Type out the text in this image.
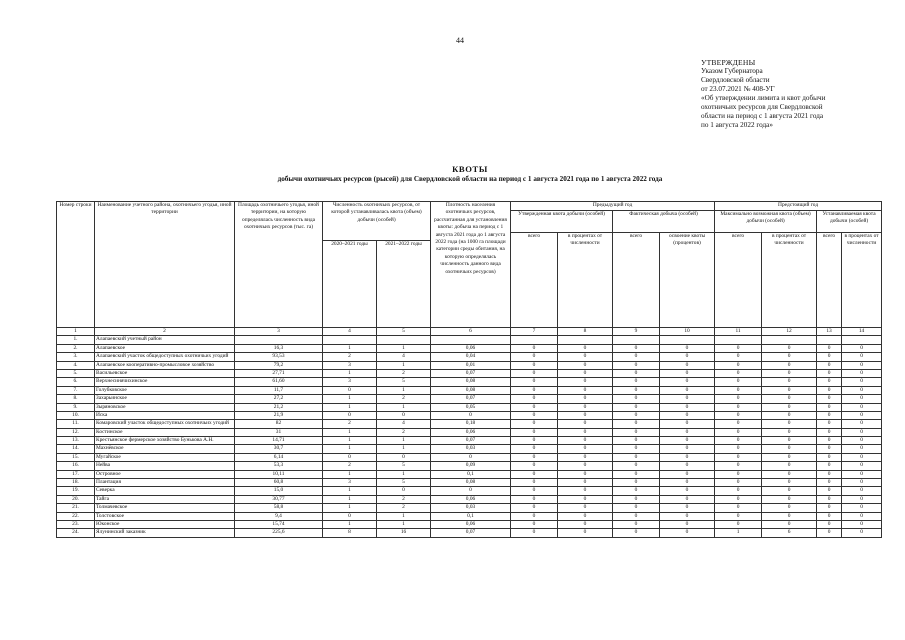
44
УТВЕРЖДЕНЫ
Указом Губернатора
Свердловской области
от 23.07.2021 № 408-УГ
«Об утверждении лимита и квот добычи
охотничьих ресурсов для Свердловской
области на период с 1 августа 2021 года
по 1 августа 2022 года»
КВОТЫ
добычи охотничьих ресурсов (рысей) для Свердловской области на период с 1 августа 2021 года по 1 августа 2022 года
Номер строки	Наименование учетного района, охотничьего угодья, иной территории	Площадь охотничьего угодья, иной территории, на которую определялась численность вида охотничьих ресурсов (тыс. га)	Численность охотничьих ресурсов, от которой устанавливалась квота (объем) добычи (особей)		Плотность населения охотничьих ресурсов, рассчитанная для установления квоты: добыча на период с 1 августа 2021 года до 1 августа 2022 года (на 1000 га площади категории среды обитания, на которую определялась численность данного вида охотничьих ресурсов)	Предыдущий год				Предстоящий год			
						Утвержденная квота добычи (особей)		Фактическая добыча (особей)		Максимально возможная квота (объем) добычи (особей)		Устанавливаемая квота добычи (особей)	
						всего	в процентах от численности	всего	освоение квоты (процентов)	всего	в процентах от численности	всего	в процентах от численности
			2020–2021 годы	2021–2022 годы									
1	2	3	4	5	6	7	8	9	10	11	12	13	14
1.	Алапаевский учетный район												
2.	Алапаевское	16,3	1	1	0,06	0	0	0	0	0	0	0	0
3.	Алапаевский участок общедоступных охотничьих угодий	93,53	2	4	0,04	0	0	0	0	0	0	0	0
4.	Алапаевское кооперативно-промысловое хозяйство	79,2	3	1	0,01	0	0	0	0	0	0	0	0
5.	Васильевское	27,71	1	2	0,07	0	0	0	0	0	0	0	0
6.	Верхнесинячихинское	61,60	3	5	0,08	0	0	0	0	0	0	0	0
7.	Голубковское	11,7	0	1	0,08	0	0	0	0	0	0	0	0
8.	Захарьинское	27,2	1	2	0,07	0	0	0	0	0	0	0	0
9.	Зыряновское	21,2	1	1	0,05	0	0	0	0	0	0	0	0
10.	Иска	21,9	0	0	0	0	0	0	0	0	0	0	0
11.	Комаровский участок общедоступных охотничьих угодий	82	2	4	0,18	0	0	0	0	0	0	0	0
12.	Костинское	31	1	2	0,06	0	0	0	0	0	0	0	0
13.	Крестьянское фермерское хозяйство Бунькова А.Н.	14,71	1	1	0,07	0	0	0	0	0	0	0	0
14.	Махнёвское	30,7	1	1	0,03	0	0	0	0	0	0	0	0
15.	Мугайское	6,14	0	0	0	0	0	0	0	0	0	0	0
16.	Нейва	53,3	2	5	0,09	0	0	0	0	0	0	0	0
17.	Островное	10,11	1	1	0,1	0	0	0	0	0	0	0	0
18.	Плантация	60,8	3	5	0,08	0	0	0	0	0	0	0	0
19.	Северка	15,0	1	0	0	0	0	0	0	0	0	0	0
20.	Тайга	30,77	1	2	0,06	0	0	0	0	0	0	0	0
21.	Толмачевское	58,8	1	2	0,03	0	0	0	0	0	0	0	0
22.	Толстовское	9,4	0	1	0,1	0	0	0	0	0	0	0	0
23.	Юконское	15,74	1	1	0,06	0	0	0	0	0	0	0	0
24.	Ялунинский заказник	225,6	8	16	0,07	0	0	0	0	1	6	0	0
